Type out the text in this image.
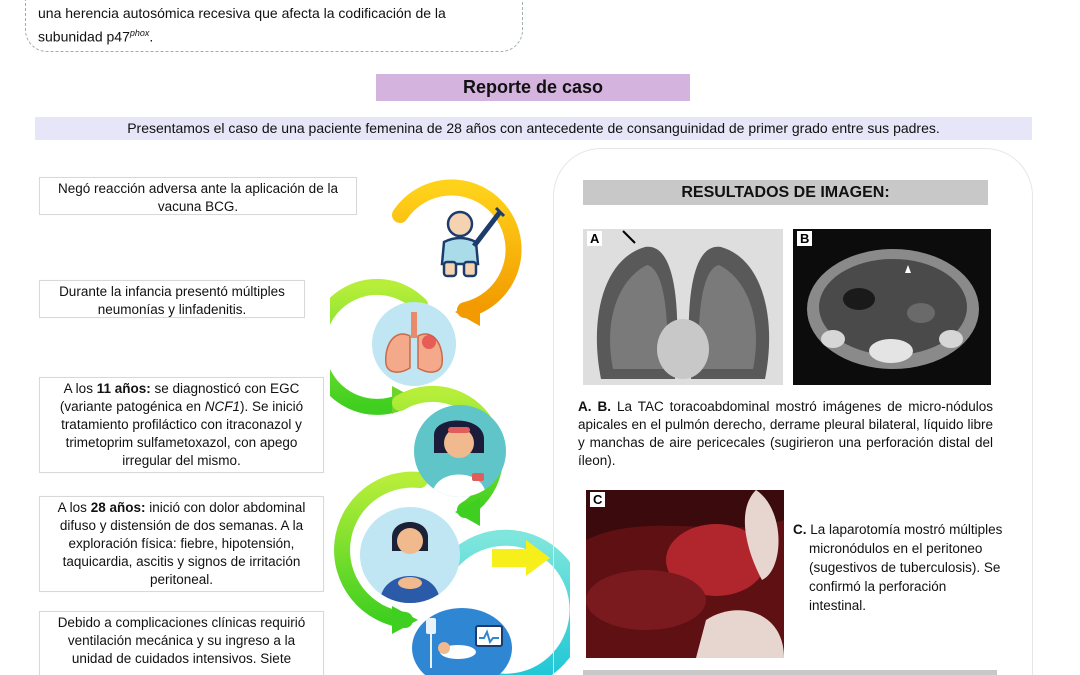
una herencia autosómica recesiva que afecta la codificación de la

subunidad $p47^{phox}$.

Reporte de caso
Presentamos el caso de una paciente femenina de 28 años con antecedente de consanguinidad de primer grado entre sus padres.
Negó reacción adversa ante la aplicación de la vacuna BCG.
Durante la infancia presentó múltiples neumonías y linfadenitis.
A los 11 años: se diagnosticó con EGC (variante patogénica en NCF1). Se inició tratamiento profiláctico con itraconazol y trimetoprim sulfametoxazol, con apego irregular del mismo.
A los 28 años: inició con dolor abdominal difuso y distensión de dos semanas. A la exploración física: fiebre, hipotensión, taquicardia, ascitis y signos de irritación peritoneal.
Debido a complicaciones clínicas requirió ventilación mecánica y su ingreso a la unidad de cuidados intensivos. Siete
RESULTADOS DE IMAGEN:
A	B
A. B. La TAC toracoabdominal mostró imágenes de micro-nódulos apicales en el pulmón derecho, derrame pleural bilateral, líquido libre y manchas de aire pericecales (sugirieron una perforación distal del íleon).
C
C. La laparotomía mostró múltiples micronódulos en el peritoneo (sugestivos de tuberculosis). Se confirmó la perforación intestinal.
